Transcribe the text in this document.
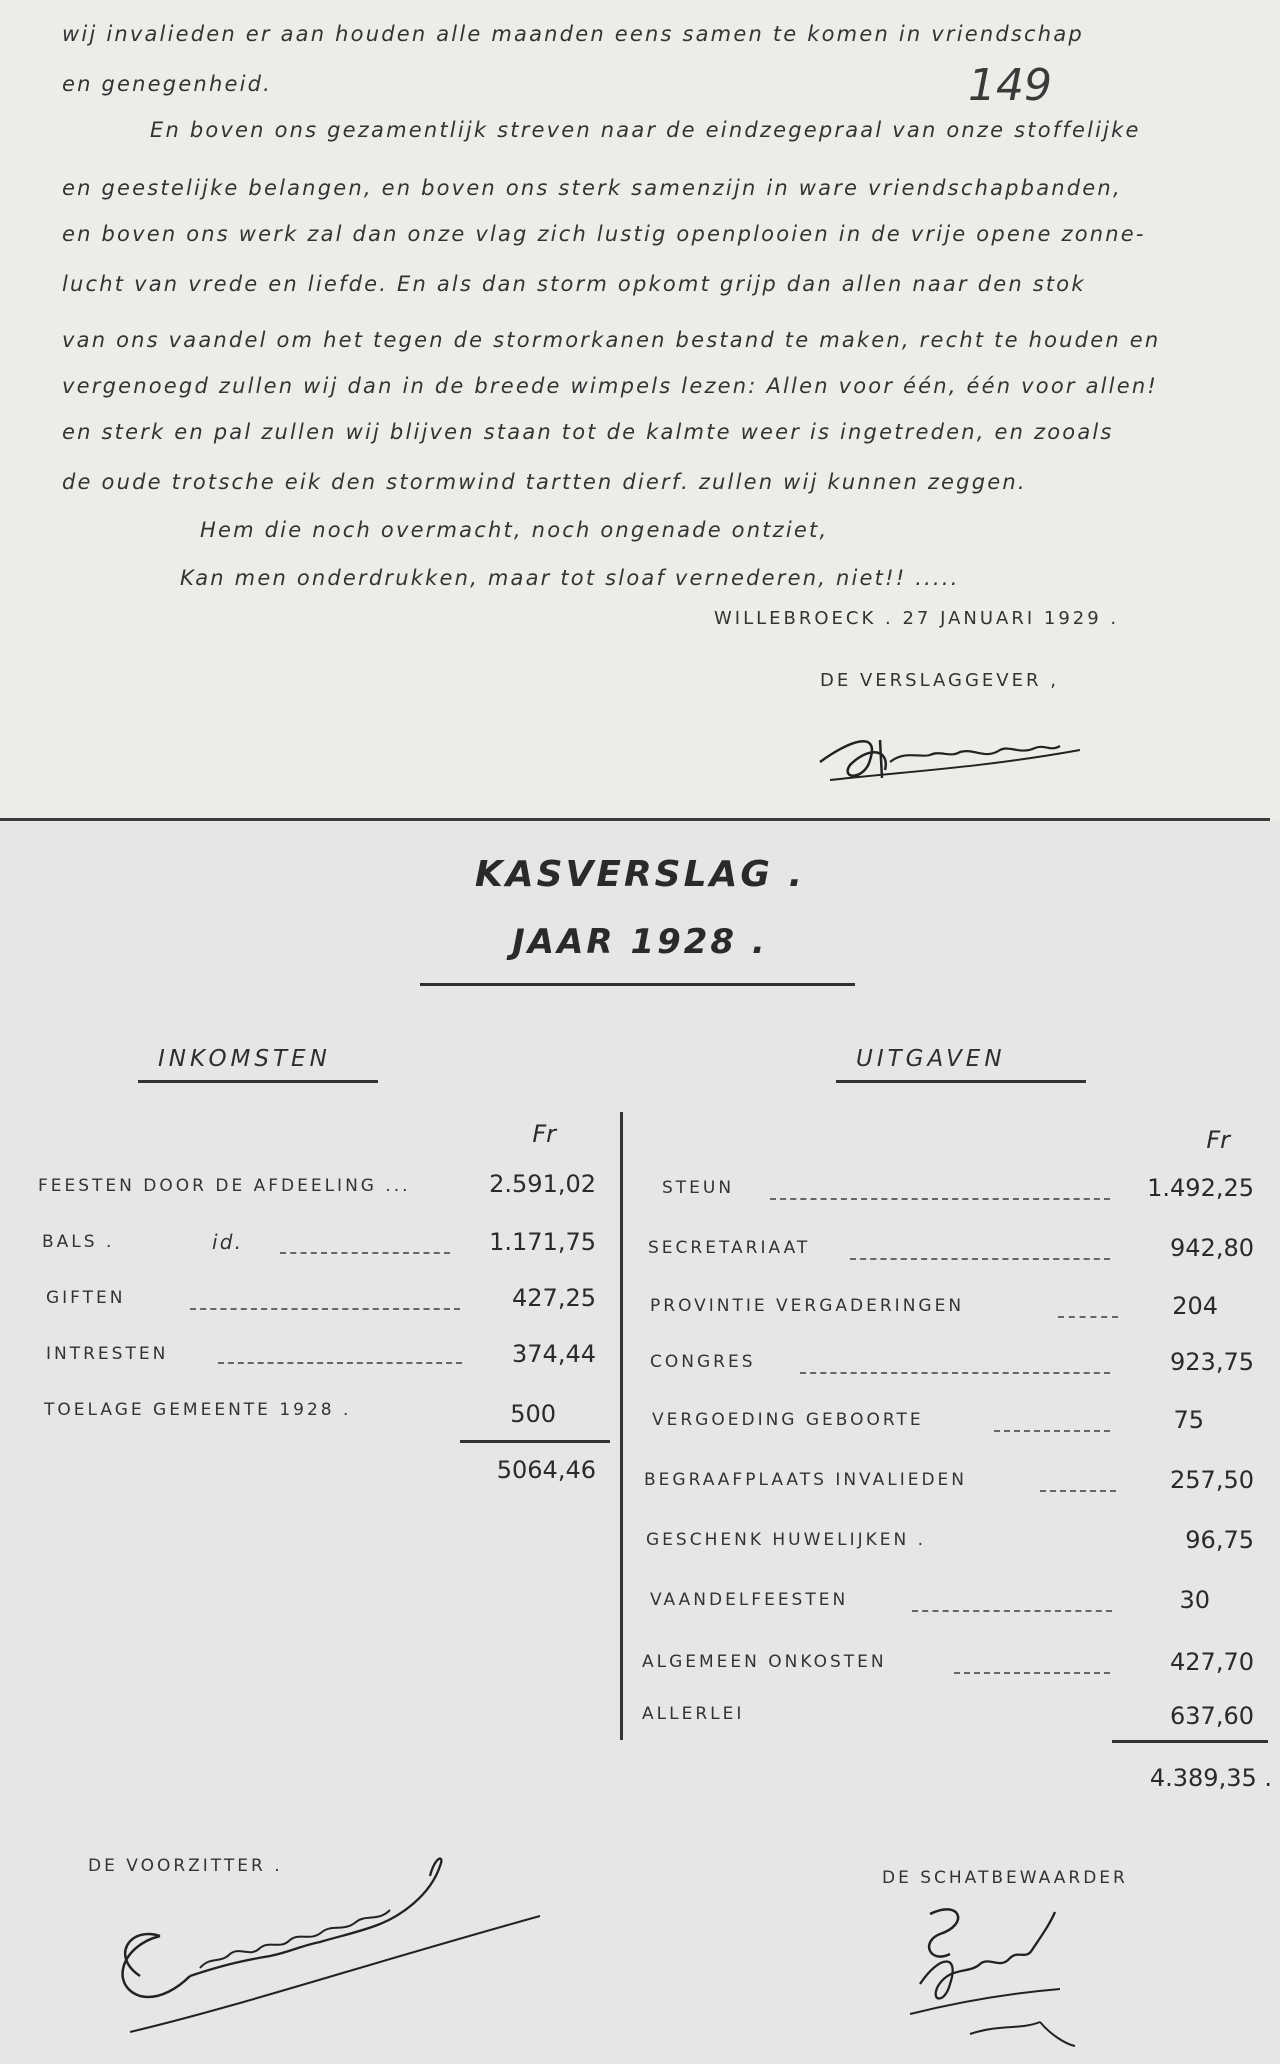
149
wij invalieden er aan houden alle maanden eens samen te komen in vriendschap
en genegenheid.
En boven ons gezamentlijk streven naar de eindzegepraal van onze stoffelijke
en geestelijke belangen, en boven ons sterk samenzijn in ware vriendschapbanden,
en boven ons werk zal dan onze vlag zich lustig openplooien in de vrije opene zonne-
lucht van vrede en liefde. En als dan storm opkomt grijp dan allen naar den stok
van ons vaandel om het tegen de stormorkanen bestand te maken, recht te houden en
vergenoegd zullen wij dan in de breede wimpels lezen: Allen voor één, één voor allen!
en sterk en pal zullen wij blijven staan tot de kalmte weer is ingetreden, en zooals
de oude trotsche eik den stormwind tartten dierf. zullen wij kunnen zeggen.
Hem die noch overmacht, noch ongenade ontziet,
Kan men onderdrukken, maar tot sloaf vernederen, niet!! .....
WILLEBROECK . 27 JANUARI 1929 .
DE VERSLAGGEVER ,
KASVERSLAG .
JAAR 1928 .
INKOMSTEN	UITGAVEN
Fr
FEESTEN DOOR DE AFDEELING ...	2.591,02
BALS .	id.	1.171,75
GIFTEN	427,25
INTRESTEN	374,44
TOELAGE GEMEENTE 1928 .	500
5064,46
Fr
STEUN	1.492,25
SECRETARIAAT	942,80
PROVINTIE VERGADERINGEN	204
CONGRES	923,75
VERGOEDING GEBOORTE	75
BEGRAAFPLAATS INVALIEDEN	257,50
GESCHENK HUWELIJKEN .	96,75
VAANDELFEESTEN	30
ALGEMEEN ONKOSTEN	427,70
ALLERLEI	637,60
4.389,35 .
DE VOORZITTER .
DE SCHATBEWAARDER
